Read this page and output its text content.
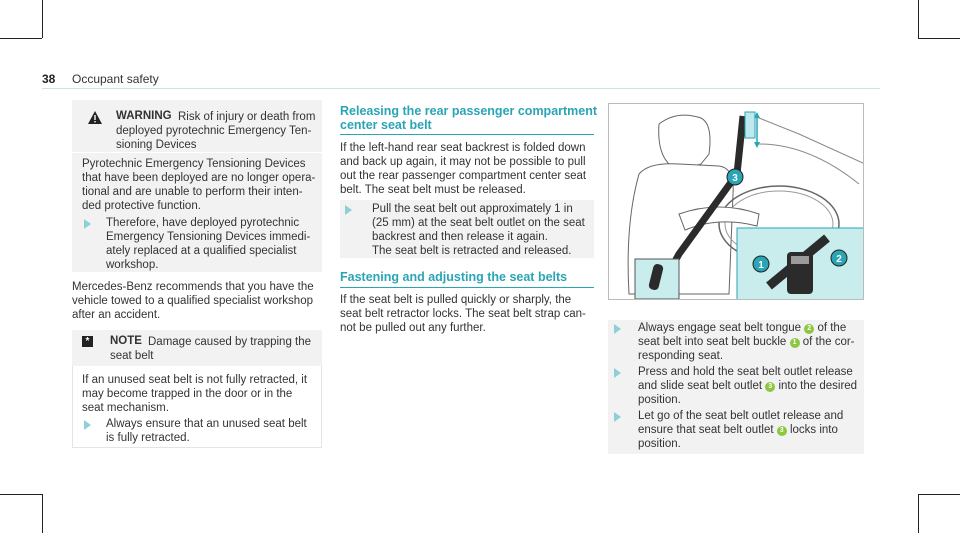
38 Occupant safety
WARNING Risk of injury or death from
deployed pyrotechnic Emergency Ten-
sioning Devices
Pyrotechnic Emergency Tensioning Devices
that have been deployed are no longer opera-
tional and are unable to perform their inten-
ded protective function.
Therefore, have deployed pyrotechnic
Emergency Tensioning Devices immedi-
ately replaced at a qualified specialist
workshop.
Mercedes-Benz recommends that you have the
vehicle towed to a qualified specialist workshop
after an accident.
*	NOTE Damage caused by trapping the
seat belt
If an unused seat belt is not fully retracted, it
may become trapped in the door or in the
seat mechanism.
Always ensure that an unused seat belt
is fully retracted.
Releasing the rear passenger compartment
center seat belt
If the left-hand rear seat backrest is folded down
and back up again, it may not be possible to pull
out the rear passenger compartment center seat
belt. The seat belt must be released.
Pull the seat belt out approximately 1 in
(25 mm) at the seat belt outlet on the seat
backrest and then release it again.
The seat belt is retracted and released.
Fastening and adjusting the seat belts
If the seat belt is pulled quickly or sharply, the
seat belt retractor locks. The seat belt strap can-
not be pulled out any further.
3
1
2
Always engage seat belt tongue 2 of the
seat belt into seat belt buckle 1 of the cor-
responding seat.
Press and hold the seat belt outlet release
and slide seat belt outlet 3 into the desired
position.
Let go of the seat belt outlet release and
ensure that seat belt outlet 3 locks into
position.
